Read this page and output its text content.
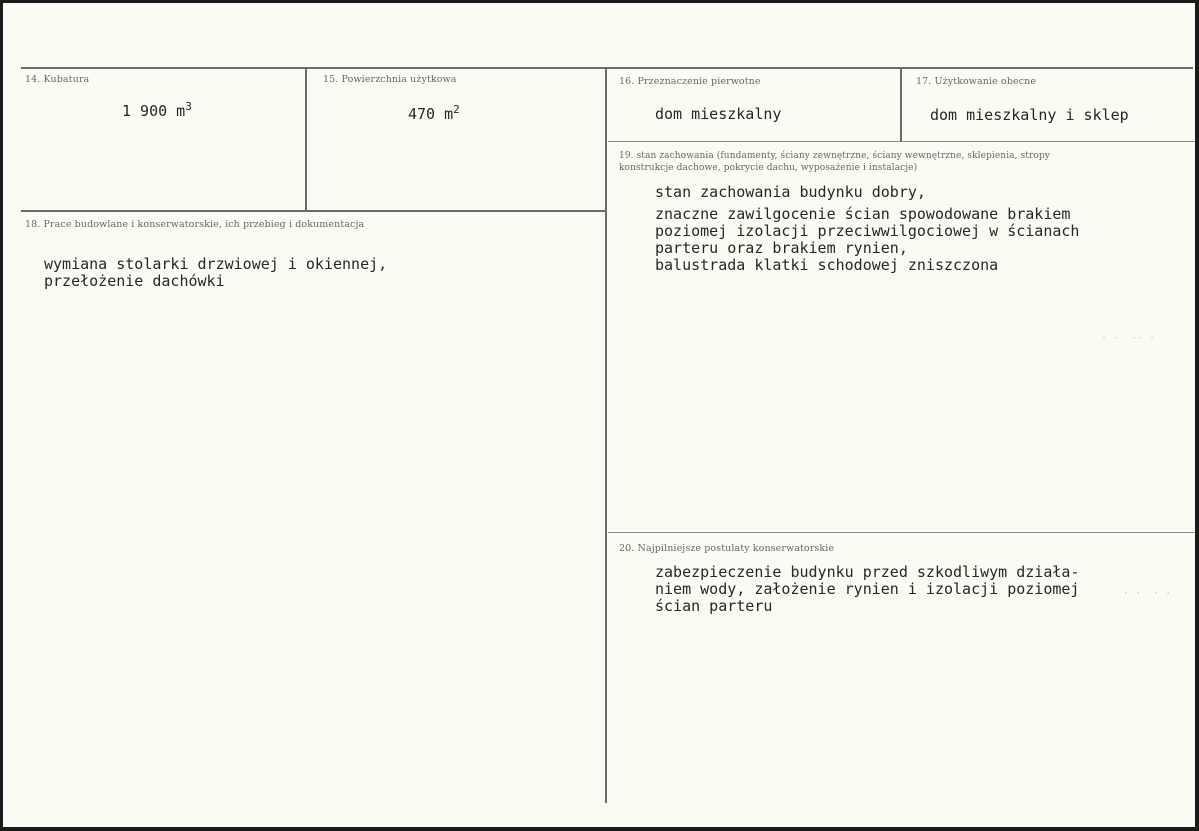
14. Kubatura
1 900 $m^3$
15. Powierzchnia użytkowa
470 $m^2$
16. Przeznaczenie pierwotne
dom mieszkalny
17. Użytkowanie obecne
dom mieszkalny i sklep
18. Prace budowlane i konserwatorskie, ich przebieg i dokumentacja
wymiana stolarki drzwiowej i okiennej,
przełożenie dachówki
19. stan zachowania (fundamenty, ściany zewnętrzne, ściany wewnętrzne, sklepienia, stropy
konstrukcje dachowe, pokrycie dachu, wyposażenie i instalacje)
stan zachowania budynku dobry,
znaczne zawilgocenie ścian spowodowane brakiem
poziomej izolacji przeciwwilgociowej w ścianach
parteru oraz brakiem rynien,
balustrada klatki schodowej zniszczona
20. Najpilniejsze postulaty konserwatorskie
zabezpieczenie budynku przed szkodliwym działa-
niem wody, założenie rynien i izolacji poziomej
ścian parteru
· ·  ·· ·
· ·  · ·
